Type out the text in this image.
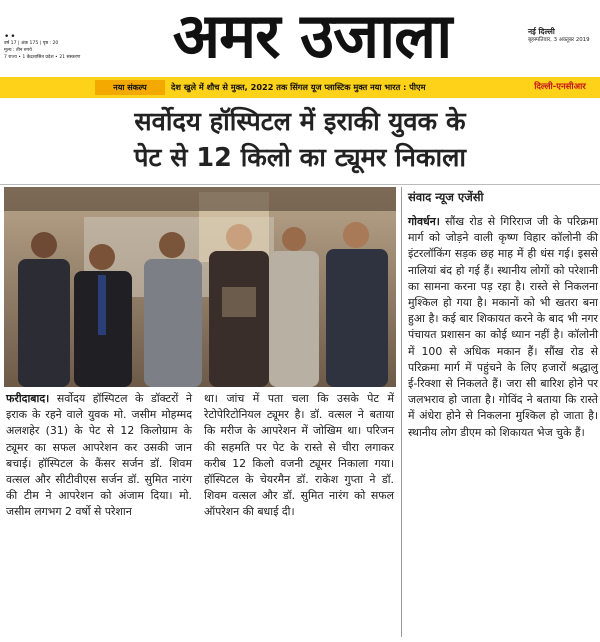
••
वर्ष 17 | अंक 175 | पृष्ठ : 20
मूल्य : तीन रुपये
7 राज्य • 1 केंद्रशासित प्रदेश • 21 संस्करण	अमर उजाला	नई दिल्ली
बृहस्पतिवार, 3 अक्तूबर 2019
नया संकल्प	देश खुले में शौच से मुक्त, 2022 तक सिंगल यूज प्लास्टिक मुक्त नया भारत : पीएम	दिल्ली-एनसीआर
सर्वोदय हॉस्पिटल में इराकी युवक के
पेट से 12 किलो का ट्यूमर निकाला
संवाद न्यूज एजेंसी

गोवर्धन। सौंख रोड से गिरिराज जी के परिक्रमा मार्ग को जोड़ने वाली कृष्ण विहार कॉलोनी की इंटरलॉकिंग सड़क छह माह में ही धंस गई। इससे नालियां बंद हो गई हैं। स्थानीय लोगों को परेशानी का सामना करना पड़ रहा है। रास्ते से निकलना मुश्किल हो गया है। मकानों को भी खतरा बना हुआ है। कई बार शिकायत करने के बाद भी नगर पंचायत प्रशासन का कोई ध्यान नहीं है। कॉलोनी में 100 से अधिक मकान हैं। सौंख रोड से परिक्रमा मार्ग में पहुंचने के लिए हजारों श्रद्धालु ई-रिक्शा से निकलते हैं। जरा सी बारिश होने पर जलभराव हो जाता है। गोविंद ने बताया कि रास्ते में अंधेरा होने से निकलना मुश्किल हो जाता है। स्थानीय लोग डीएम को शिकायत भेज चुके हैं।

फरीदाबाद। सर्वोदय हॉस्पिटल के डॉक्टरों ने इराक के रहने वाले युवक मो. जसीम मोहम्मद अलशहेर (31) के पेट से 12 किलोग्राम के ट्यूमर का सफल आपरेशन कर उसकी जान बचाई। हॉस्पिटल के कैंसर सर्जन डॉ. शिवम वत्सल और सीटीवीएस सर्जन डॉ. सुमित नारंग की टीम ने आपरेशन को अंजाम दिया। मो. जसीम लगभग 2 वर्षो से परेशान

था। जांच में पता चला कि उसके पेट में रेटोपेरिटोनियल ट्यूमर है। डॉ. वत्सल ने बताया कि मरीज के आपरेशन में जोखिम था। परिजन की सहमति पर पेट के रास्ते से चीरा लगाकर करीब 12 किलो वजनी ट्यूमर निकाला गया। हॉस्पिटल के चेयरमैन डॉ. राकेश गुप्ता ने डॉ. शिवम वत्सल और डॉ. सुमित नारंग को सफल ऑपरेशन की बधाई दी।
